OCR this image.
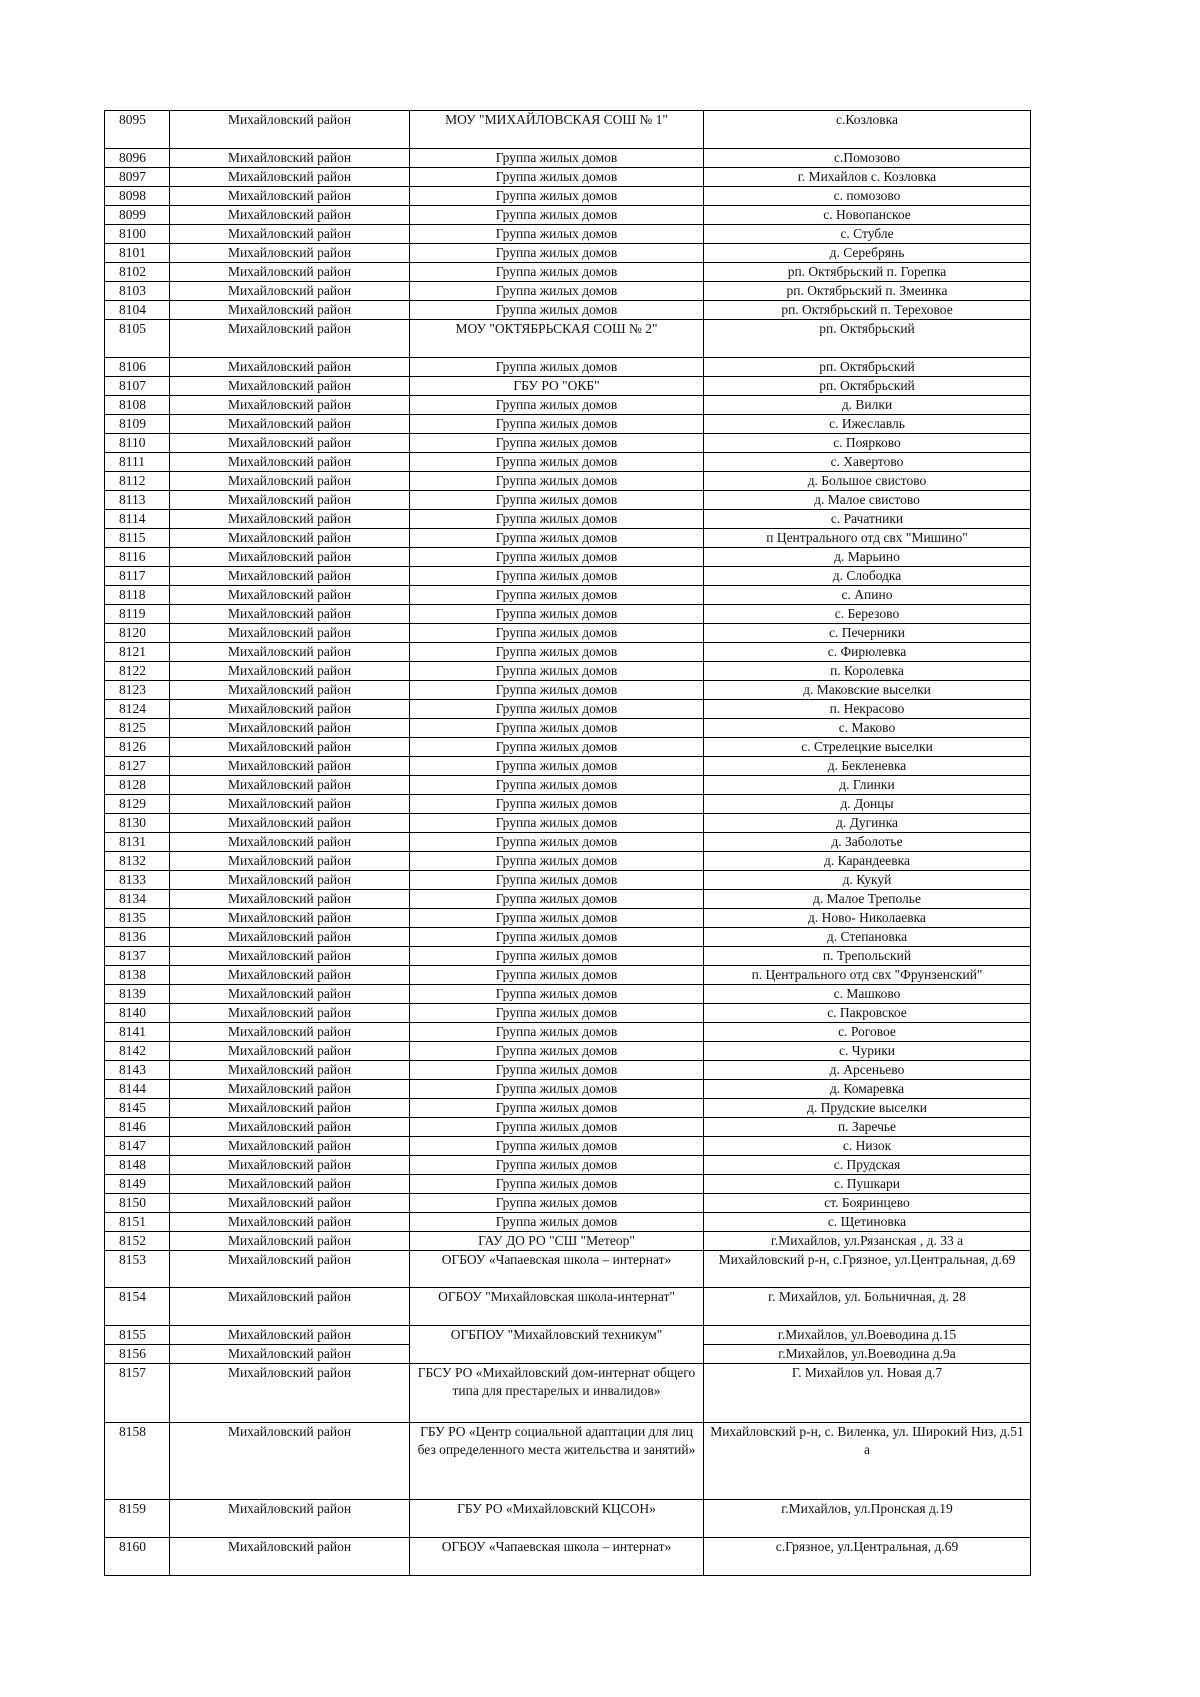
8095	Михайловский район	МОУ "МИХАЙЛОВСКАЯ СОШ № 1"	с.Козловка
8096	Михайловский район	Группа жилых домов	с.Помозово
8097	Михайловский район	Группа жилых домов	г. Михайлов с. Козловка
8098	Михайловский район	Группа жилых домов	с. помозово
8099	Михайловский район	Группа жилых домов	с. Новопанское
8100	Михайловский район	Группа жилых домов	с. Стубле
8101	Михайловский район	Группа жилых домов	д. Серебрянь
8102	Михайловский район	Группа жилых домов	рп. Октябрьский п. Горепка
8103	Михайловский район	Группа жилых домов	рп. Октябрьский п. Змеинка
8104	Михайловский район	Группа жилых домов	рп. Октябрьский п. Тереховое
8105	Михайловский район	МОУ "ОКТЯБРЬСКАЯ СОШ № 2"	рп. Октябрьский
8106	Михайловский район	Группа жилых домов	рп. Октябрьский
8107	Михайловский район	ГБУ РО "ОКБ"	рп. Октябрьский
8108	Михайловский район	Группа жилых домов	д. Вилки
8109	Михайловский район	Группа жилых домов	с. Ижеславль
8110	Михайловский район	Группа жилых домов	с. Поярково
8111	Михайловский район	Группа жилых домов	с. Хавертово
8112	Михайловский район	Группа жилых домов	д. Большое свистово
8113	Михайловский район	Группа жилых домов	д. Малое свистово
8114	Михайловский район	Группа жилых домов	с. Рачатники
8115	Михайловский район	Группа жилых домов	п Центрального отд свх "Мишино"
8116	Михайловский район	Группа жилых домов	д. Марьино
8117	Михайловский район	Группа жилых домов	д. Слободка
8118	Михайловский район	Группа жилых домов	с. Апино
8119	Михайловский район	Группа жилых домов	с. Березово
8120	Михайловский район	Группа жилых домов	с. Печерники
8121	Михайловский район	Группа жилых домов	с. Фирюлевка
8122	Михайловский район	Группа жилых домов	п. Королевка
8123	Михайловский район	Группа жилых домов	д. Маковские выселки
8124	Михайловский район	Группа жилых домов	п. Некрасово
8125	Михайловский район	Группа жилых домов	с. Маково
8126	Михайловский район	Группа жилых домов	с. Стрелецкие выселки
8127	Михайловский район	Группа жилых домов	д. Бекленевка
8128	Михайловский район	Группа жилых домов	д. Глинки
8129	Михайловский район	Группа жилых домов	д. Донцы
8130	Михайловский район	Группа жилых домов	д. Дугинка
8131	Михайловский район	Группа жилых домов	д. Заболотье
8132	Михайловский район	Группа жилых домов	д. Карандеевка
8133	Михайловский район	Группа жилых домов	д. Кукуй
8134	Михайловский район	Группа жилых домов	д. Малое Треполье
8135	Михайловский район	Группа жилых домов	д. Ново- Николаевка
8136	Михайловский район	Группа жилых домов	д. Степановка
8137	Михайловский район	Группа жилых домов	п. Трепольский
8138	Михайловский район	Группа жилых домов	п. Центрального отд свх "Фрунзенский"
8139	Михайловский район	Группа жилых домов	с. Машково
8140	Михайловский район	Группа жилых домов	с. Пакровское
8141	Михайловский район	Группа жилых домов	с. Роговое
8142	Михайловский район	Группа жилых домов	с. Чурики
8143	Михайловский район	Группа жилых домов	д. Арсеньево
8144	Михайловский район	Группа жилых домов	д. Комаревка
8145	Михайловский район	Группа жилых домов	д. Прудские выселки
8146	Михайловский район	Группа жилых домов	п. Заречье
8147	Михайловский район	Группа жилых домов	с. Низок
8148	Михайловский район	Группа жилых домов	с. Прудская
8149	Михайловский район	Группа жилых домов	с. Пушкари
8150	Михайловский район	Группа жилых домов	ст. Бояринцево
8151	Михайловский район	Группа жилых домов	с. Щетиновка
8152	Михайловский район	ГАУ ДО РО "СШ "Метеор"	г.Михайлов, ул.Рязанская , д. 33 а
8153	Михайловский район	ОГБОУ «Чапаевская школа – интернат»	Михайловский р-н, с.Грязное, ул.Центральная, д.69
8154	Михайловский район	ОГБОУ "Михайловская школа-интернат"	г. Михайлов, ул. Больничная, д. 28
8155	Михайловский район	ОГБПОУ "Михайловский техникум"	г.Михайлов, ул.Воеводина д.15
8156	Михайловский район		г.Михайлов, ул.Воеводина д.9а
8157	Михайловский район	ГБСУ РО «Михайловский дом-интернат общего типа для престарелых и инвалидов»	Г. Михайлов ул. Новая д.7
8158	Михайловский район	ГБУ РО «Центр социальной адаптации для лиц без определенного места жительства и занятий»	Михайловский р-н, с. Виленка, ул. Широкий Низ, д.51 а
8159	Михайловский район	ГБУ РО «Михайловский КЦСОН»	г.Михайлов, ул.Пронская д.19
8160	Михайловский район	ОГБОУ «Чапаевская школа – интернат»	с.Грязное, ул.Центральная, д.69
